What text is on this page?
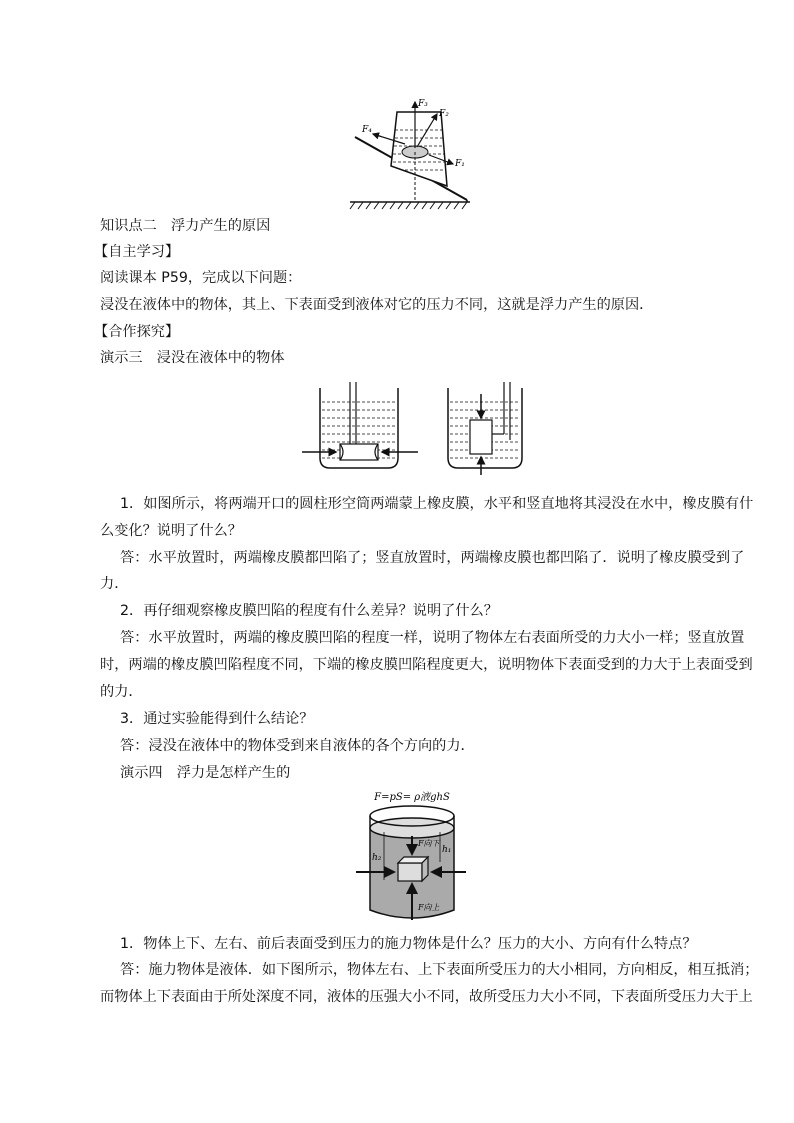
F₃
F₂
F₄
F₁
知识点二　浮力产生的原因
【自主学习】
阅读课本 P59，完成以下问题：
浸没在液体中的物体，其上、下表面受到液体对它的压力不同，这就是浮力产生的原因．
【合作探究】
演示三　浸没在液体中的物体
1．如图所示，将两端开口的圆柱形空筒两端蒙上橡皮膜，水平和竖直地将其浸没在水中，橡皮膜有什
么变化？说明了什么？
答：水平放置时，两端橡皮膜都凹陷了；竖直放置时，两端橡皮膜也都凹陷了．说明了橡皮膜受到了
力．
2．再仔细观察橡皮膜凹陷的程度有什么差异？说明了什么？
答：水平放置时，两端的橡皮膜凹陷的程度一样，说明了物体左右表面所受的力大小一样；竖直放置
时，两端的橡皮膜凹陷程度不同，下端的橡皮膜凹陷程度更大，说明物体下表面受到的力大于上表面受到
的力．
3．通过实验能得到什么结论？
答：浸没在液体中的物体受到来自液体的各个方向的力．
演示四　浮力是怎样产生的
F=pS= ρ液ghS
h₂
h₁
F向下
F向上
1．物体上下、左右、前后表面受到压力的施力物体是什么？压力的大小、方向有什么特点？
答：施力物体是液体．如下图所示，物体左右、上下表面所受压力的大小相同，方向相反，相互抵消；
而物体上下表面由于所处深度不同，液体的压强大小不同，故所受压力大小不同，下表面所受压力大于上
